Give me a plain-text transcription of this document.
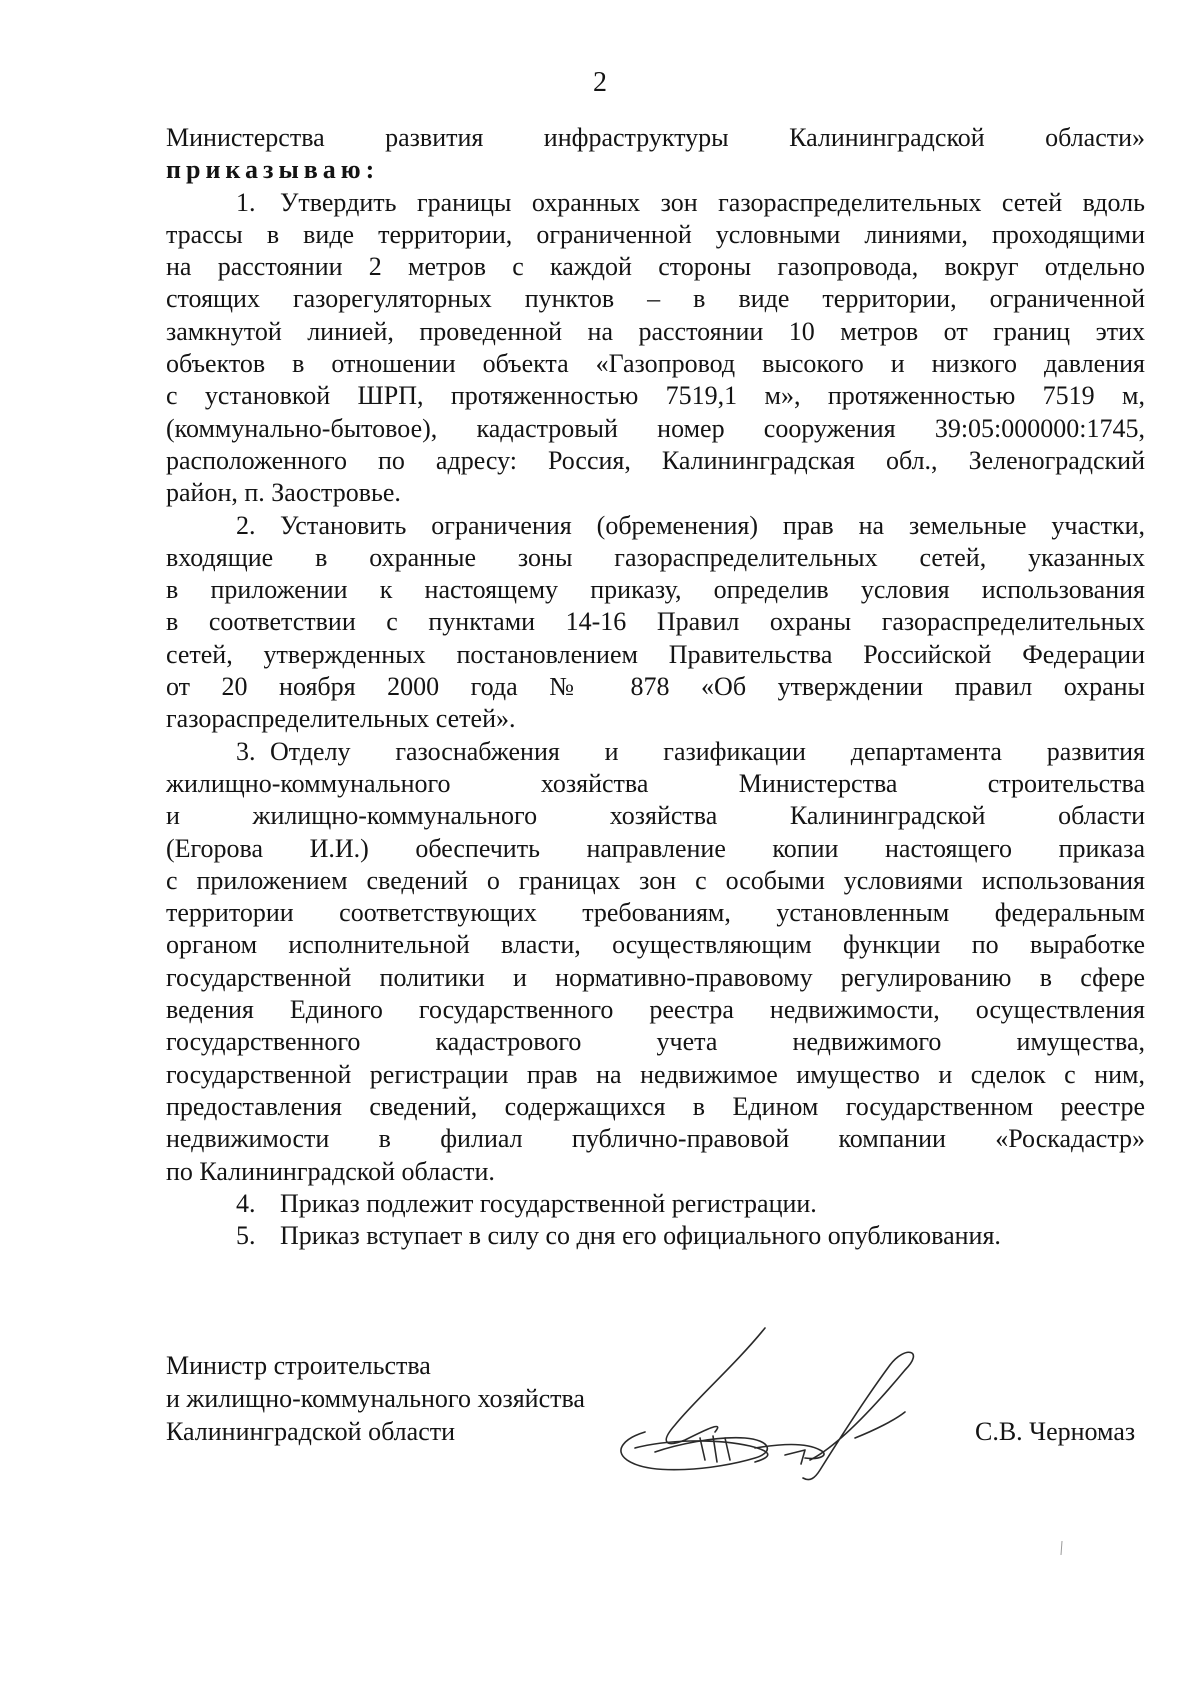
2
Министерства развития инфраструктуры Калининградской области»
приказываю:
1. Утвердить границы охранных зон газораспределительных сетей вдоль
трассы в виде территории, ограниченной условными линиями, проходящими
на расстоянии 2 метров с каждой стороны газопровода, вокруг отдельно
стоящих газорегуляторных пунктов – в виде территории, ограниченной
замкнутой линией, проведенной на расстоянии 10 метров от границ этих
объектов в отношении объекта «Газопровод высокого и низкого давления
с установкой ШРП, протяженностью 7519,1 м», протяженностью 7519 м,
(коммунально-бытовое), кадастровый номер сооружения 39:05:000000:1745,
расположенного по адресу: Россия, Калининградская обл., Зеленоградский
район, п. Заостровье.
2. Установить ограничения (обременения) прав на земельные участки,
входящие в охранные зоны газораспределительных сетей, указанных
в приложении к настоящему приказу, определив условия использования
в соответствии с пунктами 14-16 Правил охраны газораспределительных
сетей, утвержденных постановлением Правительства Российской Федерации
от 20 ноября 2000 года № 878 «Об утверждении правил охраны
газораспределительных сетей».
3. Отделу газоснабжения и газификации департамента развития
жилищно-коммунального хозяйства Министерства строительства
и жилищно-коммунального хозяйства Калининградской области
(Егорова И.И.) обеспечить направление копии настоящего приказа
с приложением сведений о границах зон с особыми условиями использования
территории соответствующих требованиям, установленным федеральным
органом исполнительной власти, осуществляющим функции по выработке
государственной политики и нормативно-правовому регулированию в сфере
ведения Единого государственного реестра недвижимости, осуществления
государственного кадастрового учета недвижимого имущества,
государственной регистрации прав на недвижимое имущество и сделок с ним,
предоставления сведений, содержащихся в Едином государственном реестре
недвижимости в филиал публично-правовой компании «Роскадастр»
по Калининградской области.
4. Приказ подлежит государственной регистрации.
5. Приказ вступает в силу со дня его официального опубликования.
Министр строительства
и жилищно-коммунального хозяйства
Калининградской области	С.В. Черномаз
